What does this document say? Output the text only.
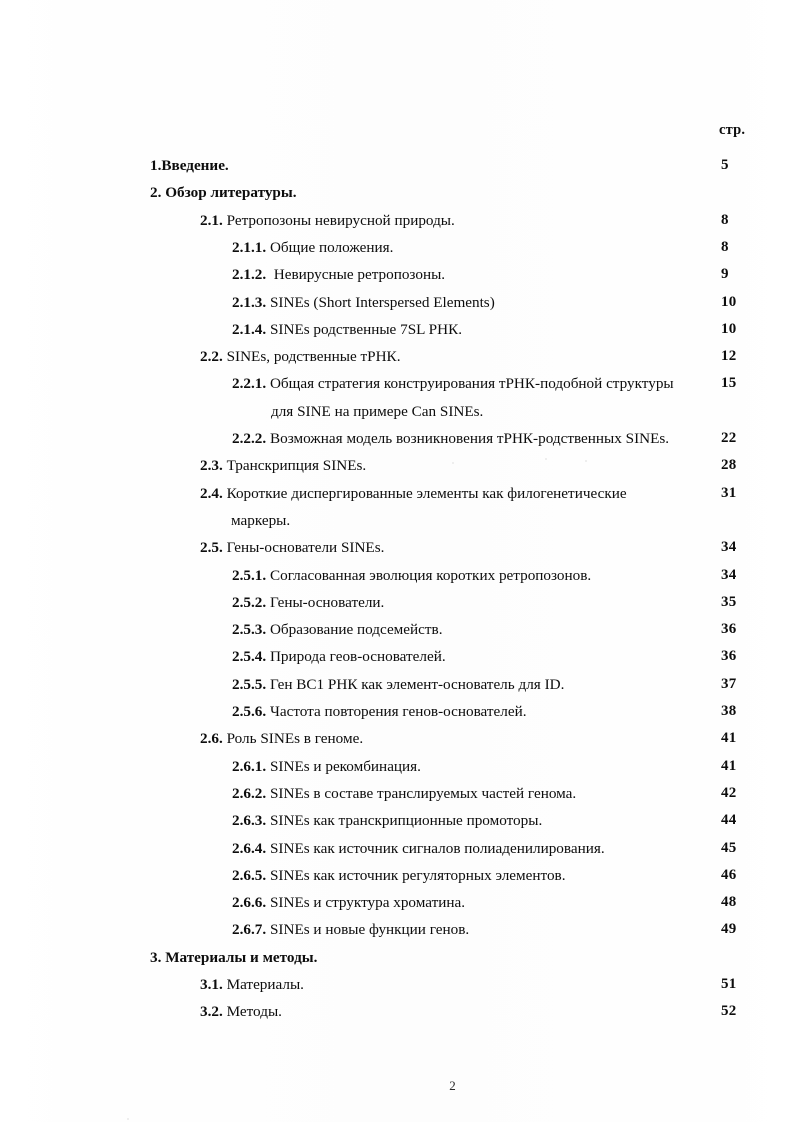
стр.
1.Введение.	5
2. Обзор литературы.
2.1. Ретропозоны невирусной природы.	8
2.1.1. Общие положения.	8
2.1.2.  Невирусные ретропозоны.	9
2.1.3. SINEs (Short Interspersed Elements)	10
2.1.4. SINEs родственные 7SL РНК.	10
2.2. SINEs, родственные тРНК.	12
2.2.1. Общая стратегия конструирования тРНК-подобной структуры	15
для SINE на примере Can SINEs.
2.2.2. Возможная модель возникновения тРНК-родственных SINEs.	22
2.3. Транскрипция SINEs.	28
2.4. Короткие диспергированные элементы как филогенетические	31
маркеры.
2.5. Гены-основатели SINEs.	34
2.5.1. Согласованная эволюция коротких ретропозонов.	34
2.5.2. Гены-основатели.	35
2.5.3. Образование подсемейств.	36
2.5.4. Природа геов-основателей.	36
2.5.5. Ген BC1 РНК как элемент-основатель для ID.	37
2.5.6. Частота повторения генов-основателей.	38
2.6. Роль SINEs в геноме.	41
2.6.1. SINEs и рекомбинация.	41
2.6.2. SINEs в составе транслируемых частей генома.	42
2.6.3. SINEs как транскрипционные промоторы.	44
2.6.4. SINEs как источник сигналов полиаденилирования.	45
2.6.5. SINEs как источник регуляторных элементов.	46
2.6.6. SINEs и структура хроматина.	48
2.6.7. SINEs и новые функции генов.	49
3. Материалы и методы.
3.1. Материалы.	51
3.2. Методы.	52
2
